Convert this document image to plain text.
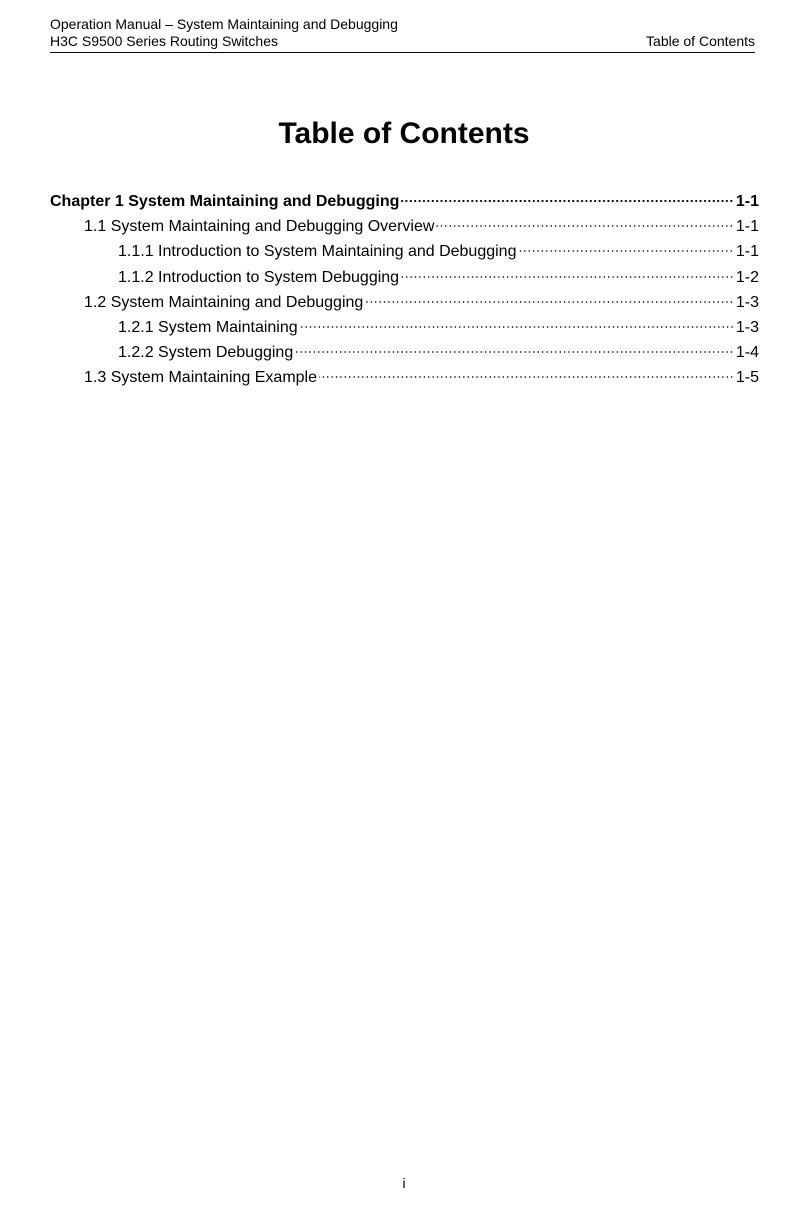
Operation Manual – System Maintaining and Debugging
H3C S9500 Series Routing Switches	Table of Contents
Table of Contents
Chapter 1 System Maintaining and Debugging	1-1
1.1 System Maintaining and Debugging Overview	1-1
1.1.1 Introduction to System Maintaining and Debugging	1-1
1.1.2 Introduction to System Debugging	1-2
1.2 System Maintaining and Debugging	1-3
1.2.1 System Maintaining	1-3
1.2.2 System Debugging	1-4
1.3 System Maintaining Example	1-5
i
